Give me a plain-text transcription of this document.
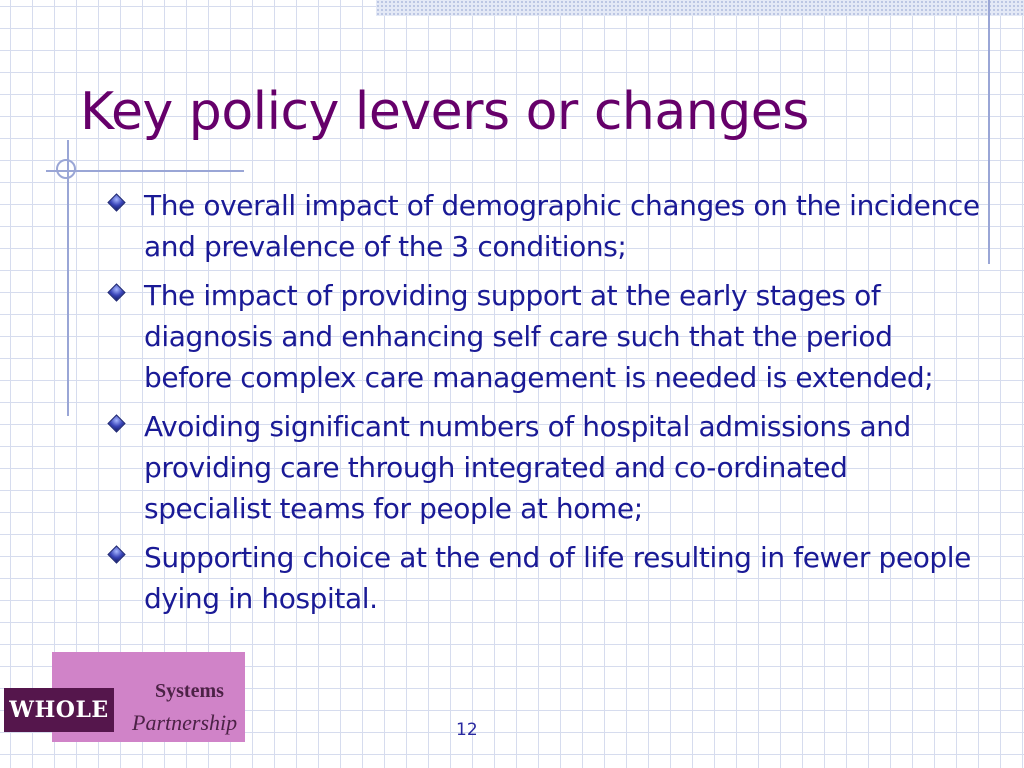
Key policy levers or changes
The overall impact of demographic changes on the incidence and prevalence of the 3 conditions;
The impact of providing support at the early stages of diagnosis and enhancing self care such that the period before complex care management is needed is extended;
Avoiding significant numbers of hospital admissions and providing care through integrated and co-ordinated specialist teams for people at home;
Supporting choice at the end of life resulting in fewer people dying in hospital.
WHOLE
Systems
Partnership	12
